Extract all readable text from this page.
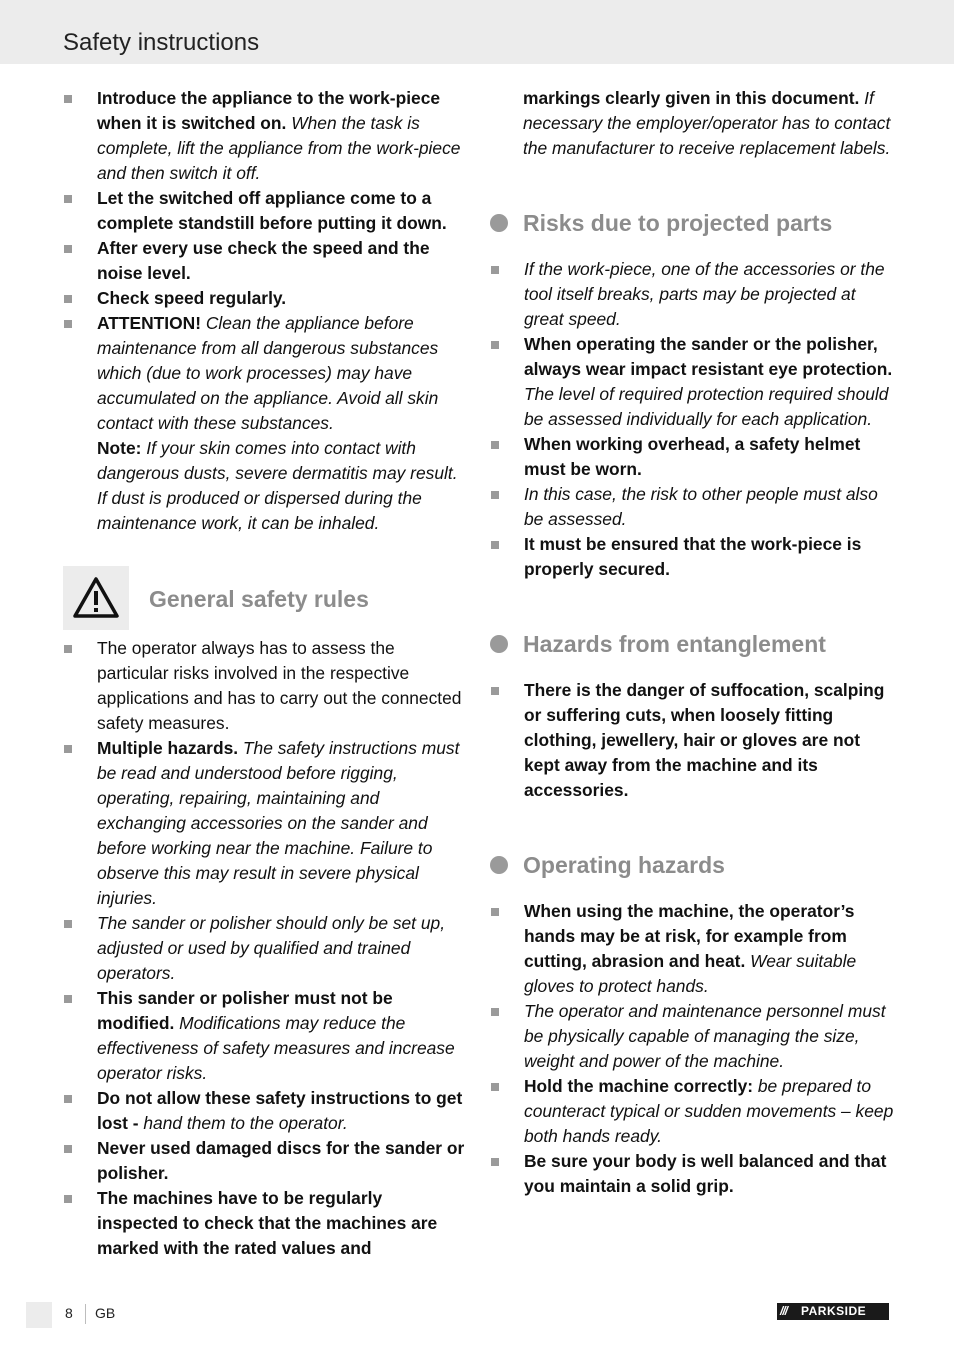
Safety instructions
Introduce the appliance to the work-piece when it is switched on. When the task is complete, lift the appliance from the work-piece and then switch it off.
Let the switched off appliance come to a complete standstill before putting it down.
After every use check the speed and the noise level.
Check speed regularly.
ATTENTION! Clean the appliance before maintenance from all dangerous substances which (due to work processes) may have accumulated on the appliance. Avoid all skin contact with these substances.
Note: If your skin comes into contact with dangerous dusts, severe dermatitis may result. If dust is produced or dispersed during the maintenance work, it can be inhaled.
General safety rules
The operator always has to assess the particular risks involved in the respective applications and has to carry out the connected safety measures.
Multiple hazards. The safety instructions must be read and understood before rigging, operating, repairing, maintaining and exchanging accessories on the sander and before working near the machine. Failure to observe this may result in severe physical injuries.
The sander or polisher should only be set up, adjusted or used by qualified and trained operators.
This sander or polisher must not be modified. Modifications may reduce the effectiveness of safety measures and increase operator risks.
Do not allow these safety instructions to get lost - hand them to the operator.
Never used damaged discs for the sander or polisher.
The machines have to be regularly inspected to check that the machines are marked with the rated values and
markings clearly given in this document. If necessary the employer/operator has to contact the manufacturer to receive replacement labels.
Risks due to projected parts
If the work-piece, one of the accessories or the tool itself breaks, parts may be projected at great speed.
When operating the sander or the polisher, always wear impact resistant eye protection. The level of required protection required should be assessed individually for each application.
When working overhead, a safety helmet must be worn.
In this case, the risk to other people must also be assessed.
It must be ensured that the work-piece is properly secured.
Hazards from entanglement
There is the danger of suffocation, scalping or suffering cuts, when loosely fitting clothing, jewellery, hair or gloves are not kept away from the machine and its accessories.
Operating hazards
When using the machine, the operator’s hands may be at risk, for example from cutting, abrasion and heat. Wear suitable gloves to protect hands.
The operator and maintenance personnel must be physically capable of managing the size, weight and power of the machine.
Hold the machine correctly: be prepared to counteract typical or sudden movements – keep both hands ready.
Be sure your body is well balanced and that you maintain a solid grip.
8 GB	/// PARKSIDE
